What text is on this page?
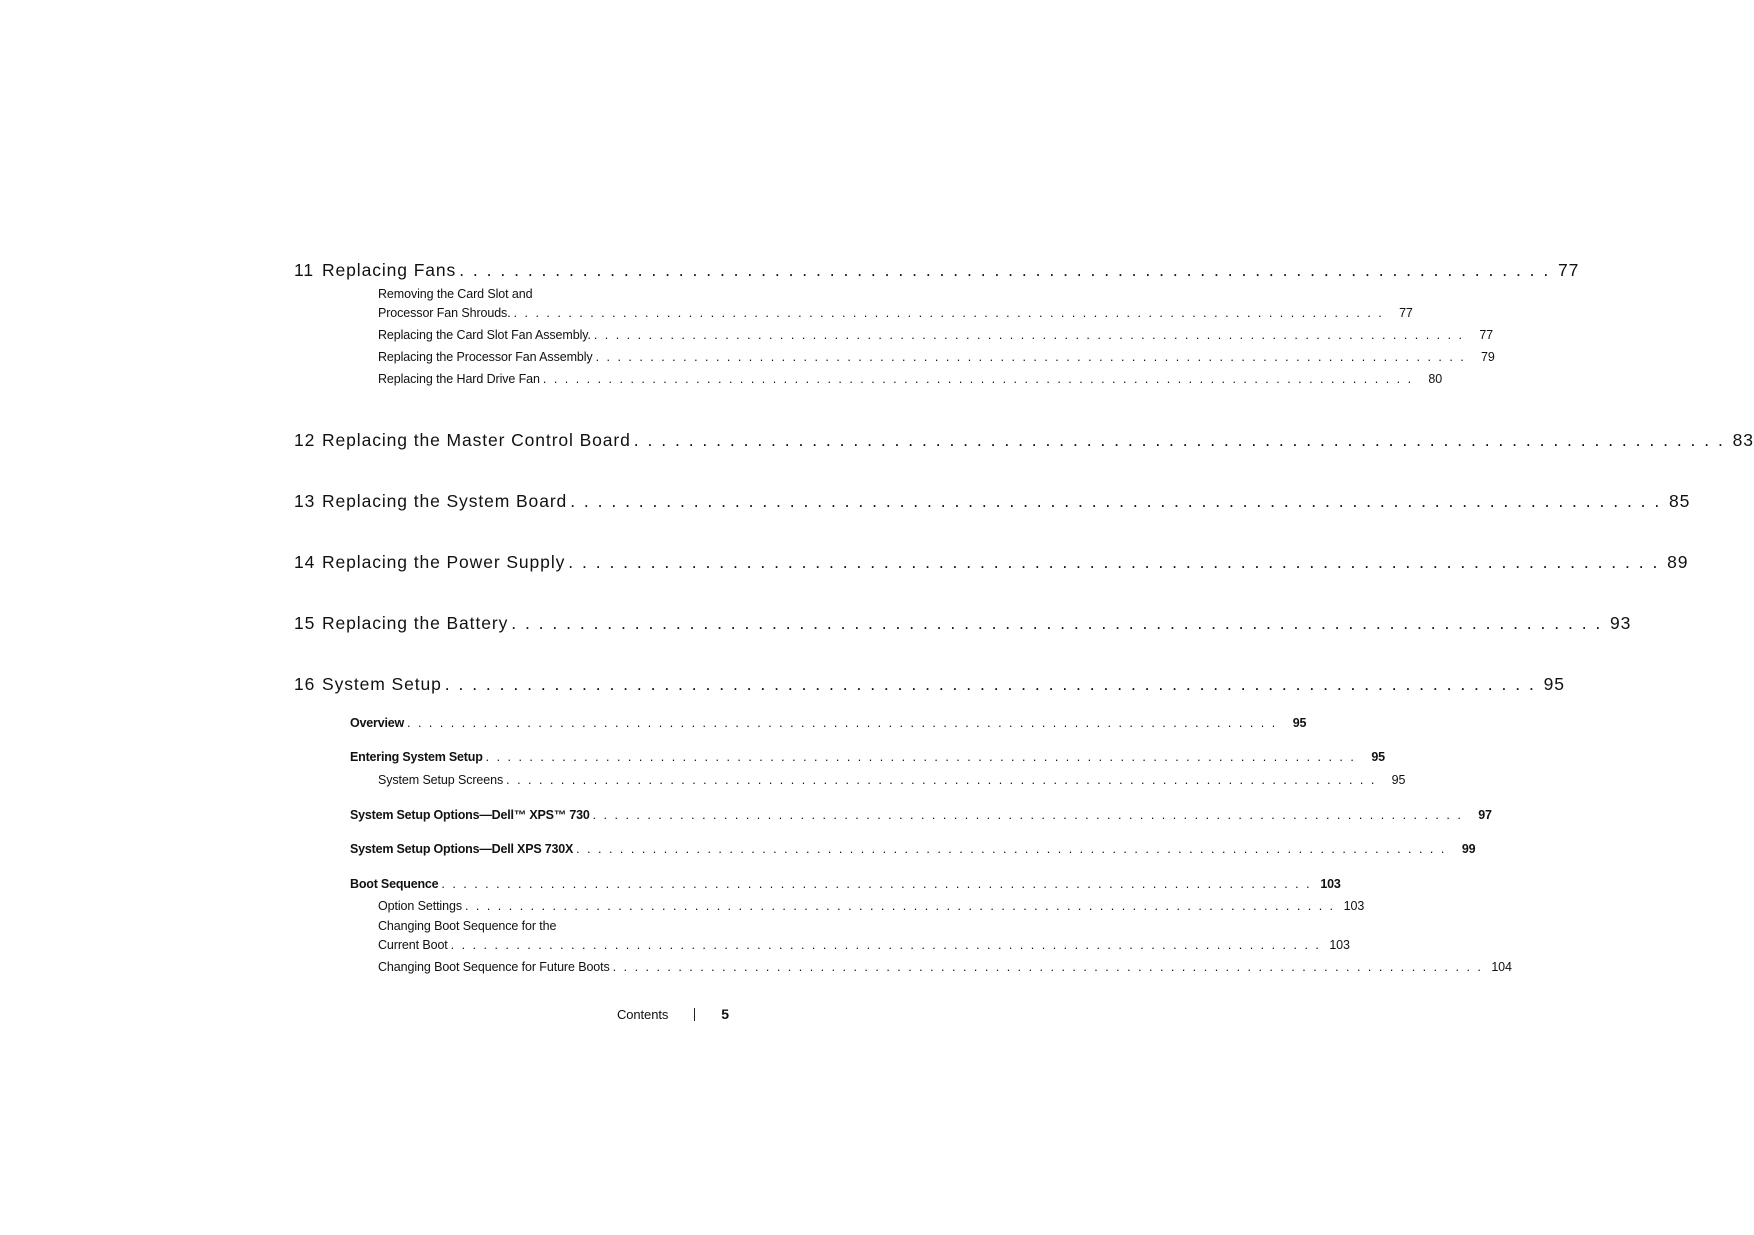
11 Replacing Fans . . . . . . . . . . . . . . . . . . . . . . . . . . . . . . . . . . . . . . . . . . . . . . . . . . . . . . . . . . . . . . . . . . . . . . . . . . . . . . . . 77
Removing the Card Slot and
Processor Fan Shrouds. . . . . . . . . . . . . . . . . . . . . . . . . . . . . . . . . . . . . . . . . . . . . . . . . . . . . . . . . . . . . . . . . . . . . . . . . . . . . . . . .	77
Replacing the Card Slot Fan Assembly. . . . . . . . . . . . . . . . . . . . . . . . . . . . . . . . . . . . . . . . . . . . . . . . . . . . . . . . . . . . . . . . . . . . . . . . . . . . . . . . .	77
Replacing the Processor Fan Assembly . . . . . . . . . . . . . . . . . . . . . . . . . . . . . . . . . . . . . . . . . . . . . . . . . . . . . . . . . . . . . . . . . . . . . . . . . . . . . . . .	79
Replacing the Hard Drive Fan . . . . . . . . . . . . . . . . . . . . . . . . . . . . . . . . . . . . . . . . . . . . . . . . . . . . . . . . . . . . . . . . . . . . . . . . . . . . . . . .	80
12 Replacing the Master Control Board . . . . . . . . . . . . . . . . . . . . . . . . . . . . . . . . . . . . . . . . . . . . . . . . . . . . . . . . . . . . . . . . . . . . . . . . . . . . . . . . 83
13 Replacing the System Board . . . . . . . . . . . . . . . . . . . . . . . . . . . . . . . . . . . . . . . . . . . . . . . . . . . . . . . . . . . . . . . . . . . . . . . . . . . . . . . . 85
14 Replacing the Power Supply . . . . . . . . . . . . . . . . . . . . . . . . . . . . . . . . . . . . . . . . . . . . . . . . . . . . . . . . . . . . . . . . . . . . . . . . . . . . . . . . 89
15 Replacing the Battery . . . . . . . . . . . . . . . . . . . . . . . . . . . . . . . . . . . . . . . . . . . . . . . . . . . . . . . . . . . . . . . . . . . . . . . . . . . . . . . . 93
16 System Setup . . . . . . . . . . . . . . . . . . . . . . . . . . . . . . . . . . . . . . . . . . . . . . . . . . . . . . . . . . . . . . . . . . . . . . . . . . . . . . . . 95
Overview . . . . . . . . . . . . . . . . . . . . . . . . . . . . . . . . . . . . . . . . . . . . . . . . . . . . . . . . . . . . . . . . . . . . . . . . . . . . . . . .	95
Entering System Setup . . . . . . . . . . . . . . . . . . . . . . . . . . . . . . . . . . . . . . . . . . . . . . . . . . . . . . . . . . . . . . . . . . . . . . . . . . . . . . . .	95
System Setup Screens . . . . . . . . . . . . . . . . . . . . . . . . . . . . . . . . . . . . . . . . . . . . . . . . . . . . . . . . . . . . . . . . . . . . . . . . . . . . . . . .	95
System Setup Options—Dell™ XPS™ 730 . . . . . . . . . . . . . . . . . . . . . . . . . . . . . . . . . . . . . . . . . . . . . . . . . . . . . . . . . . . . . . . . . . . . . . . . . . . . . . . .	97
System Setup Options—Dell XPS 730X . . . . . . . . . . . . . . . . . . . . . . . . . . . . . . . . . . . . . . . . . . . . . . . . . . . . . . . . . . . . . . . . . . . . . . . . . . . . . . . .	99
Boot Sequence . . . . . . . . . . . . . . . . . . . . . . . . . . . . . . . . . . . . . . . . . . . . . . . . . . . . . . . . . . . . . . . . . . . . . . . . . . . . . . . . 103
Option Settings . . . . . . . . . . . . . . . . . . . . . . . . . . . . . . . . . . . . . . . . . . . . . . . . . . . . . . . . . . . . . . . . . . . . . . . . . . . . . . . . 103
Changing Boot Sequence for the
Current Boot . . . . . . . . . . . . . . . . . . . . . . . . . . . . . . . . . . . . . . . . . . . . . . . . . . . . . . . . . . . . . . . . . . . . . . . . . . . . . . . . 103
Changing Boot Sequence for Future Boots . . . . . . . . . . . . . . . . . . . . . . . . . . . . . . . . . . . . . . . . . . . . . . . . . . . . . . . . . . . . . . . . . . . . . . . . . . . . . . . . 104
Contents	5
